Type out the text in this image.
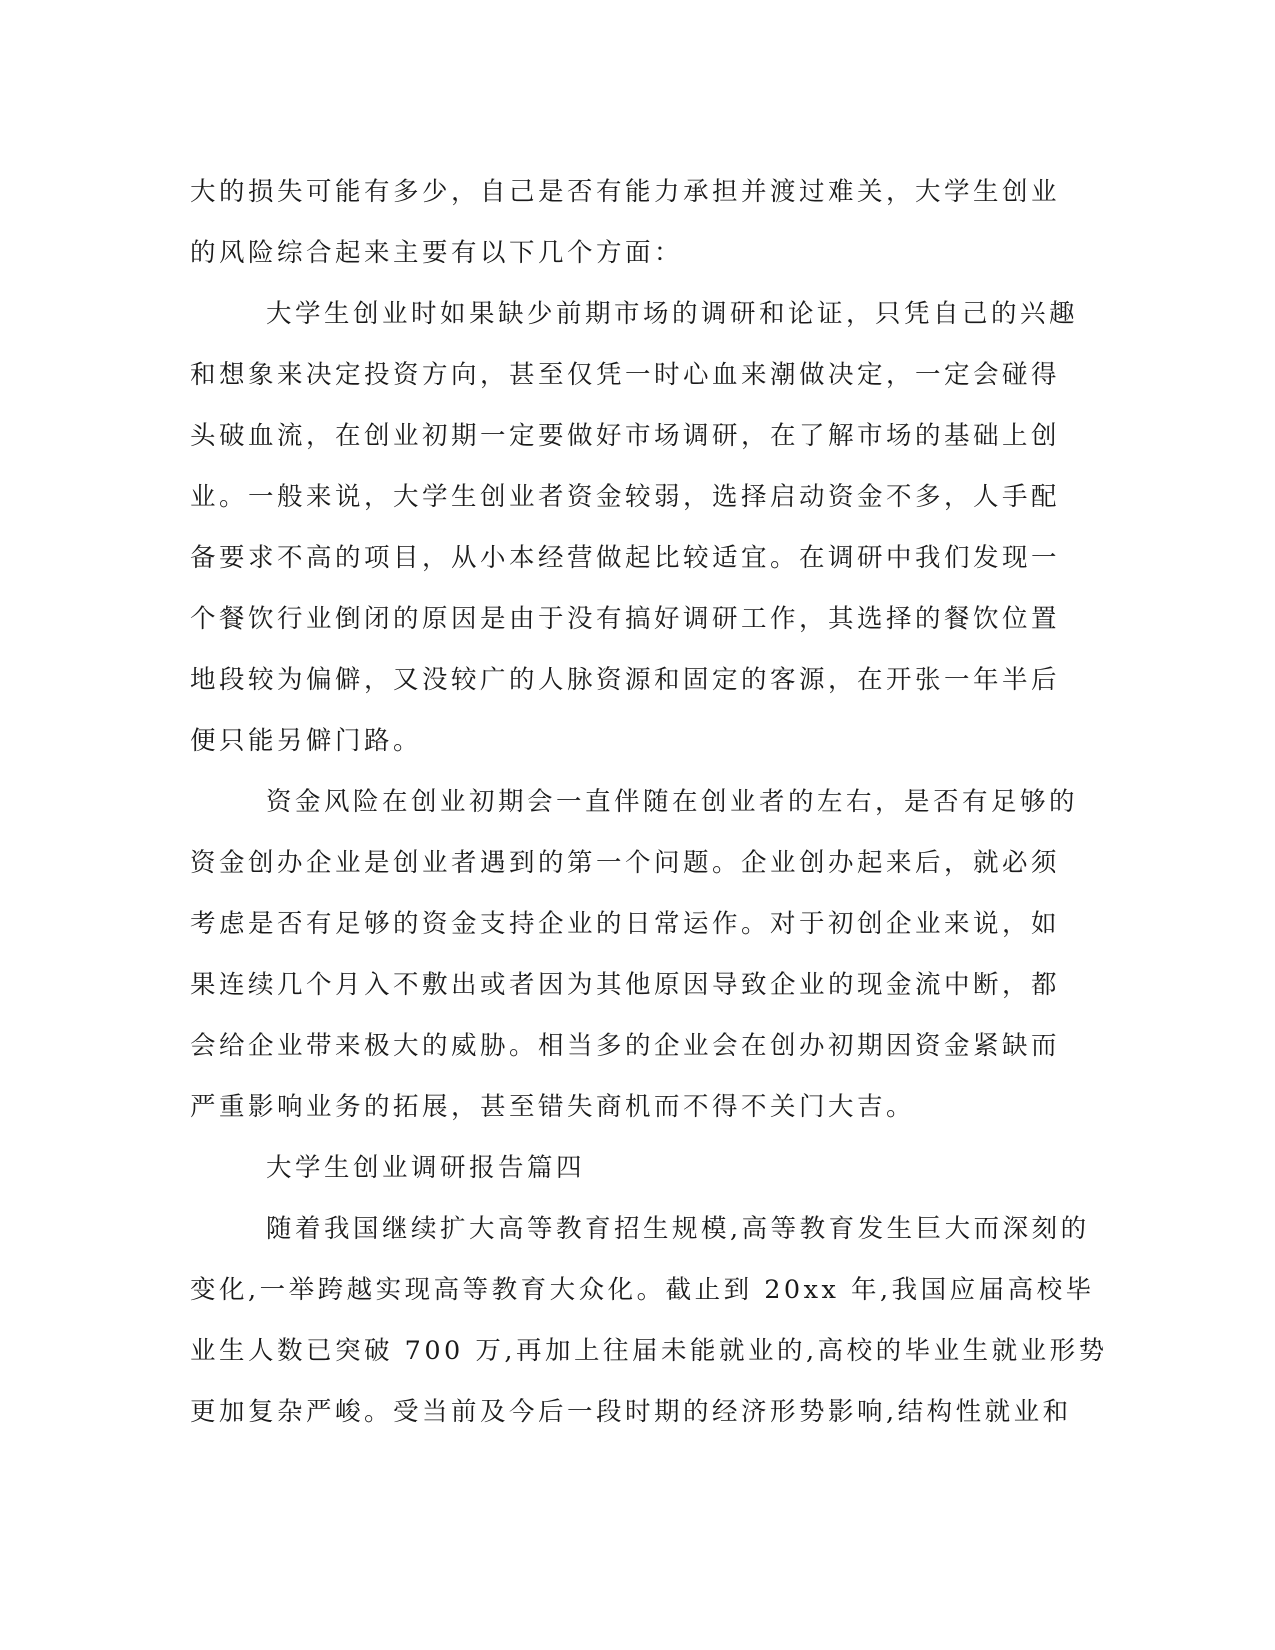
大的损失可能有多少，自己是否有能力承担并渡过难关，大学生创业
的风险综合起来主要有以下几个方面：
大学生创业时如果缺少前期市场的调研和论证，只凭自己的兴趣
和想象来决定投资方向，甚至仅凭一时心血来潮做决定，一定会碰得
头破血流，在创业初期一定要做好市场调研，在了解市场的基础上创
业。一般来说，大学生创业者资金较弱，选择启动资金不多，人手配
备要求不高的项目，从小本经营做起比较适宜。在调研中我们发现一
个餐饮行业倒闭的原因是由于没有搞好调研工作，其选择的餐饮位置
地段较为偏僻，又没较广的人脉资源和固定的客源，在开张一年半后
便只能另僻门路。
资金风险在创业初期会一直伴随在创业者的左右，是否有足够的
资金创办企业是创业者遇到的第一个问题。企业创办起来后，就必须
考虑是否有足够的资金支持企业的日常运作。对于初创企业来说，如
果连续几个月入不敷出或者因为其他原因导致企业的现金流中断，都
会给企业带来极大的威胁。相当多的企业会在创办初期因资金紧缺而
严重影响业务的拓展，甚至错失商机而不得不关门大吉。
大学生创业调研报告篇四
随着我国继续扩大高等教育招生规模,高等教育发生巨大而深刻的
变化,一举跨越实现高等教育大众化。截止到 20xx 年,我国应届高校毕
业生人数已突破 700 万,再加上往届未能就业的,高校的毕业生就业形势
更加复杂严峻。受当前及今后一段时期的经济形势影响,结构性就业和
